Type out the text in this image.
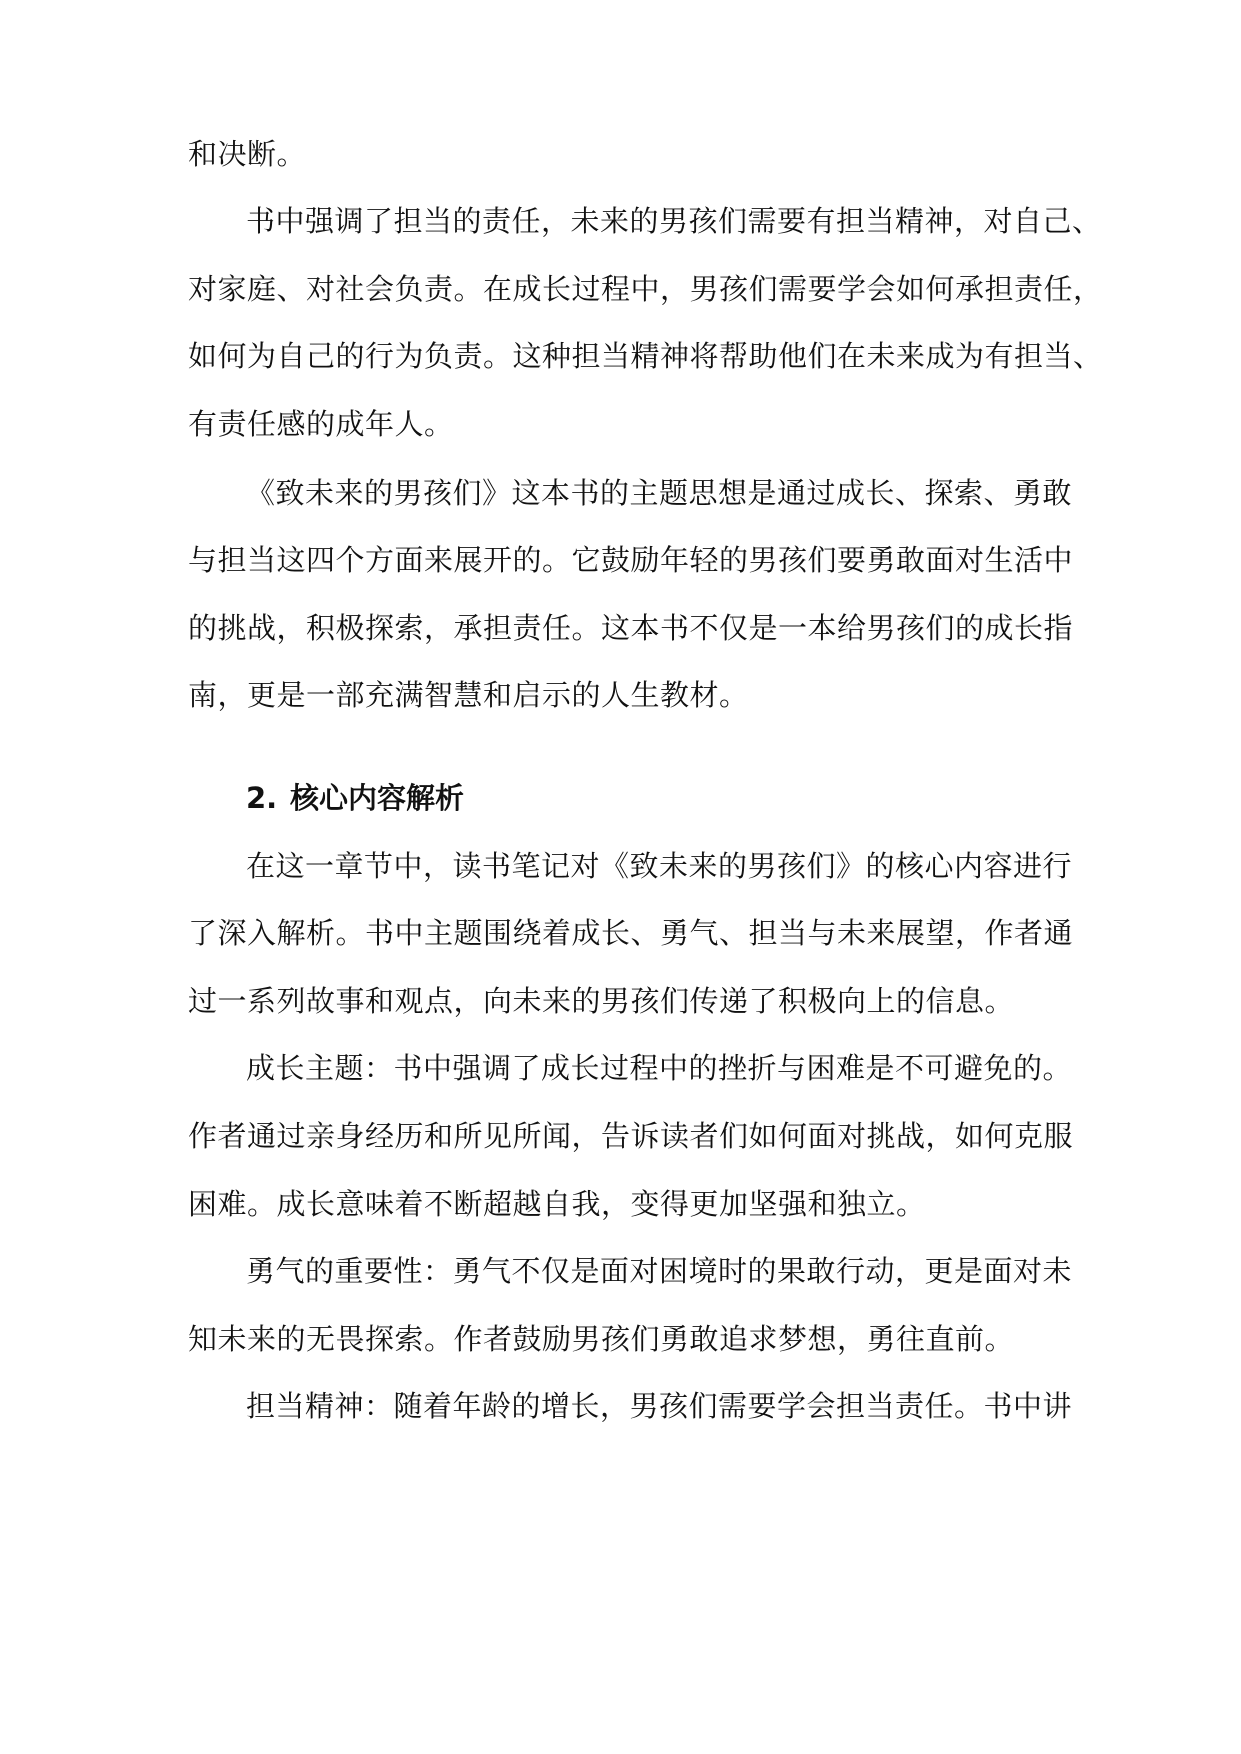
和决断。
书中强调了担当的责任，未来的男孩们需要有担当精神，对自己、
对家庭、对社会负责。在成长过程中，男孩们需要学会如何承担责任，
如何为自己的行为负责。这种担当精神将帮助他们在未来成为有担当、
有责任感的成年人。
《致未来的男孩们》这本书的主题思想是通过成长、探索、勇敢
与担当这四个方面来展开的。它鼓励年轻的男孩们要勇敢面对生活中
的挑战，积极探索，承担责任。这本书不仅是一本给男孩们的成长指
南，更是一部充满智慧和启示的人生教材。
2. 核心内容解析
在这一章节中，读书笔记对《致未来的男孩们》的核心内容进行
了深入解析。书中主题围绕着成长、勇气、担当与未来展望，作者通
过一系列故事和观点，向未来的男孩们传递了积极向上的信息。
成长主题：书中强调了成长过程中的挫折与困难是不可避免的。
作者通过亲身经历和所见所闻，告诉读者们如何面对挑战，如何克服
困难。成长意味着不断超越自我，变得更加坚强和独立。
勇气的重要性：勇气不仅是面对困境时的果敢行动，更是面对未
知未来的无畏探索。作者鼓励男孩们勇敢追求梦想，勇往直前。
担当精神：随着年龄的增长，男孩们需要学会担当责任。书中讲
